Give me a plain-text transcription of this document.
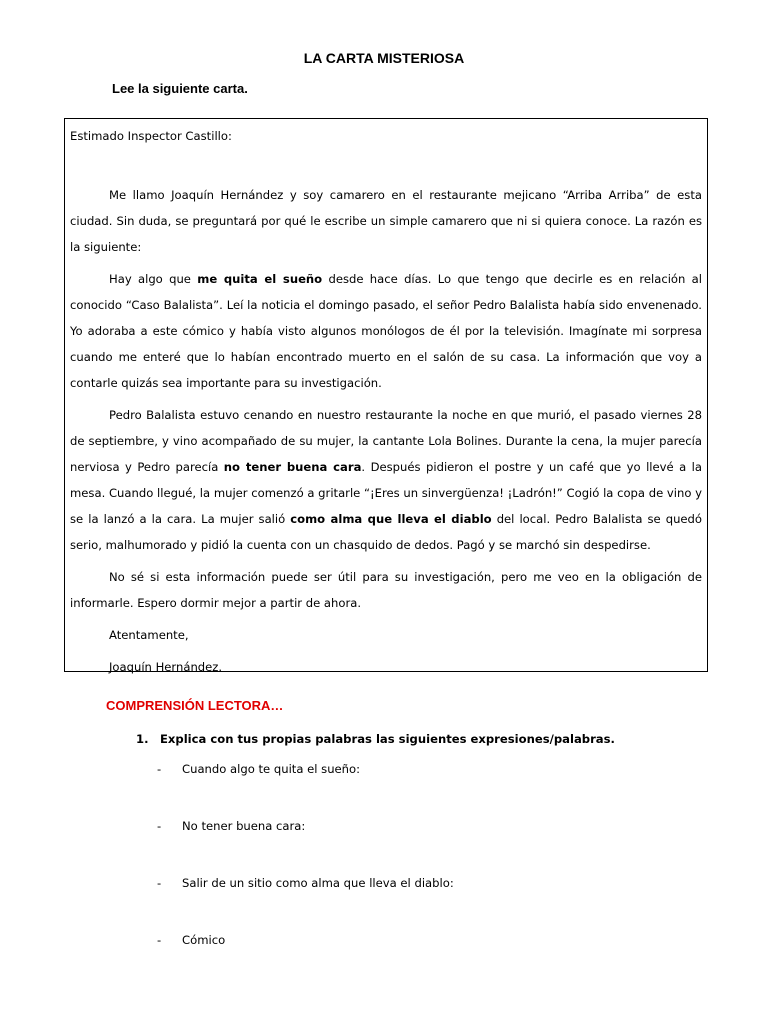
LA CARTA MISTERIOSA
Lee la siguiente carta.

Estimado Inspector Castillo:

Me llamo Joaquín Hernández y soy camarero en el restaurante mejicano “Arriba Arriba” de esta ciudad. Sin duda, se preguntará por qué le escribe un simple camarero que ni si quiera conoce. La razón es la siguiente:

Hay algo que me quita el sueño desde hace días. Lo que tengo que decirle es en relación al conocido “Caso Balalista”. Leí la noticia el domingo pasado, el señor Pedro Balalista había sido envenenado. Yo adoraba a este cómico y había visto algunos monólogos de él por la televisión. Imagínate mi sorpresa cuando me enteré que lo habían encontrado muerto en el salón de su casa. La información que voy a contarle quizás sea importante para su investigación.

Pedro Balalista estuvo cenando en nuestro restaurante la noche en que murió, el pasado viernes 28 de septiembre, y vino acompañado de su mujer, la cantante Lola Bolines. Durante la cena, la mujer parecía nerviosa y Pedro parecía no tener buena cara. Después pidieron el postre y un café que yo llevé a la mesa. Cuando llegué, la mujer comenzó a gritarle “¡Eres un sinvergüenza! ¡Ladrón!” Cogió la copa de vino y se la lanzó a la cara. La mujer salió como alma que lleva el diablo del local. Pedro Balalista se quedó serio, malhumorado y pidió la cuenta con un chasquido de dedos. Pagó y se marchó sin despedirse.

No sé si esta información puede ser útil para su investigación, pero me veo en la obligación de informarle. Espero dormir mejor a partir de ahora.

Atentamente,

Joaquín Hernández.

COMPRENSIÓN LECTORA…
1. Explica con tus propias palabras las siguientes expresiones/palabras.
- Cuando algo te quita el sueño:
- No tener buena cara:
- Salir de un sitio como alma que lleva el diablo:
- Cómico
